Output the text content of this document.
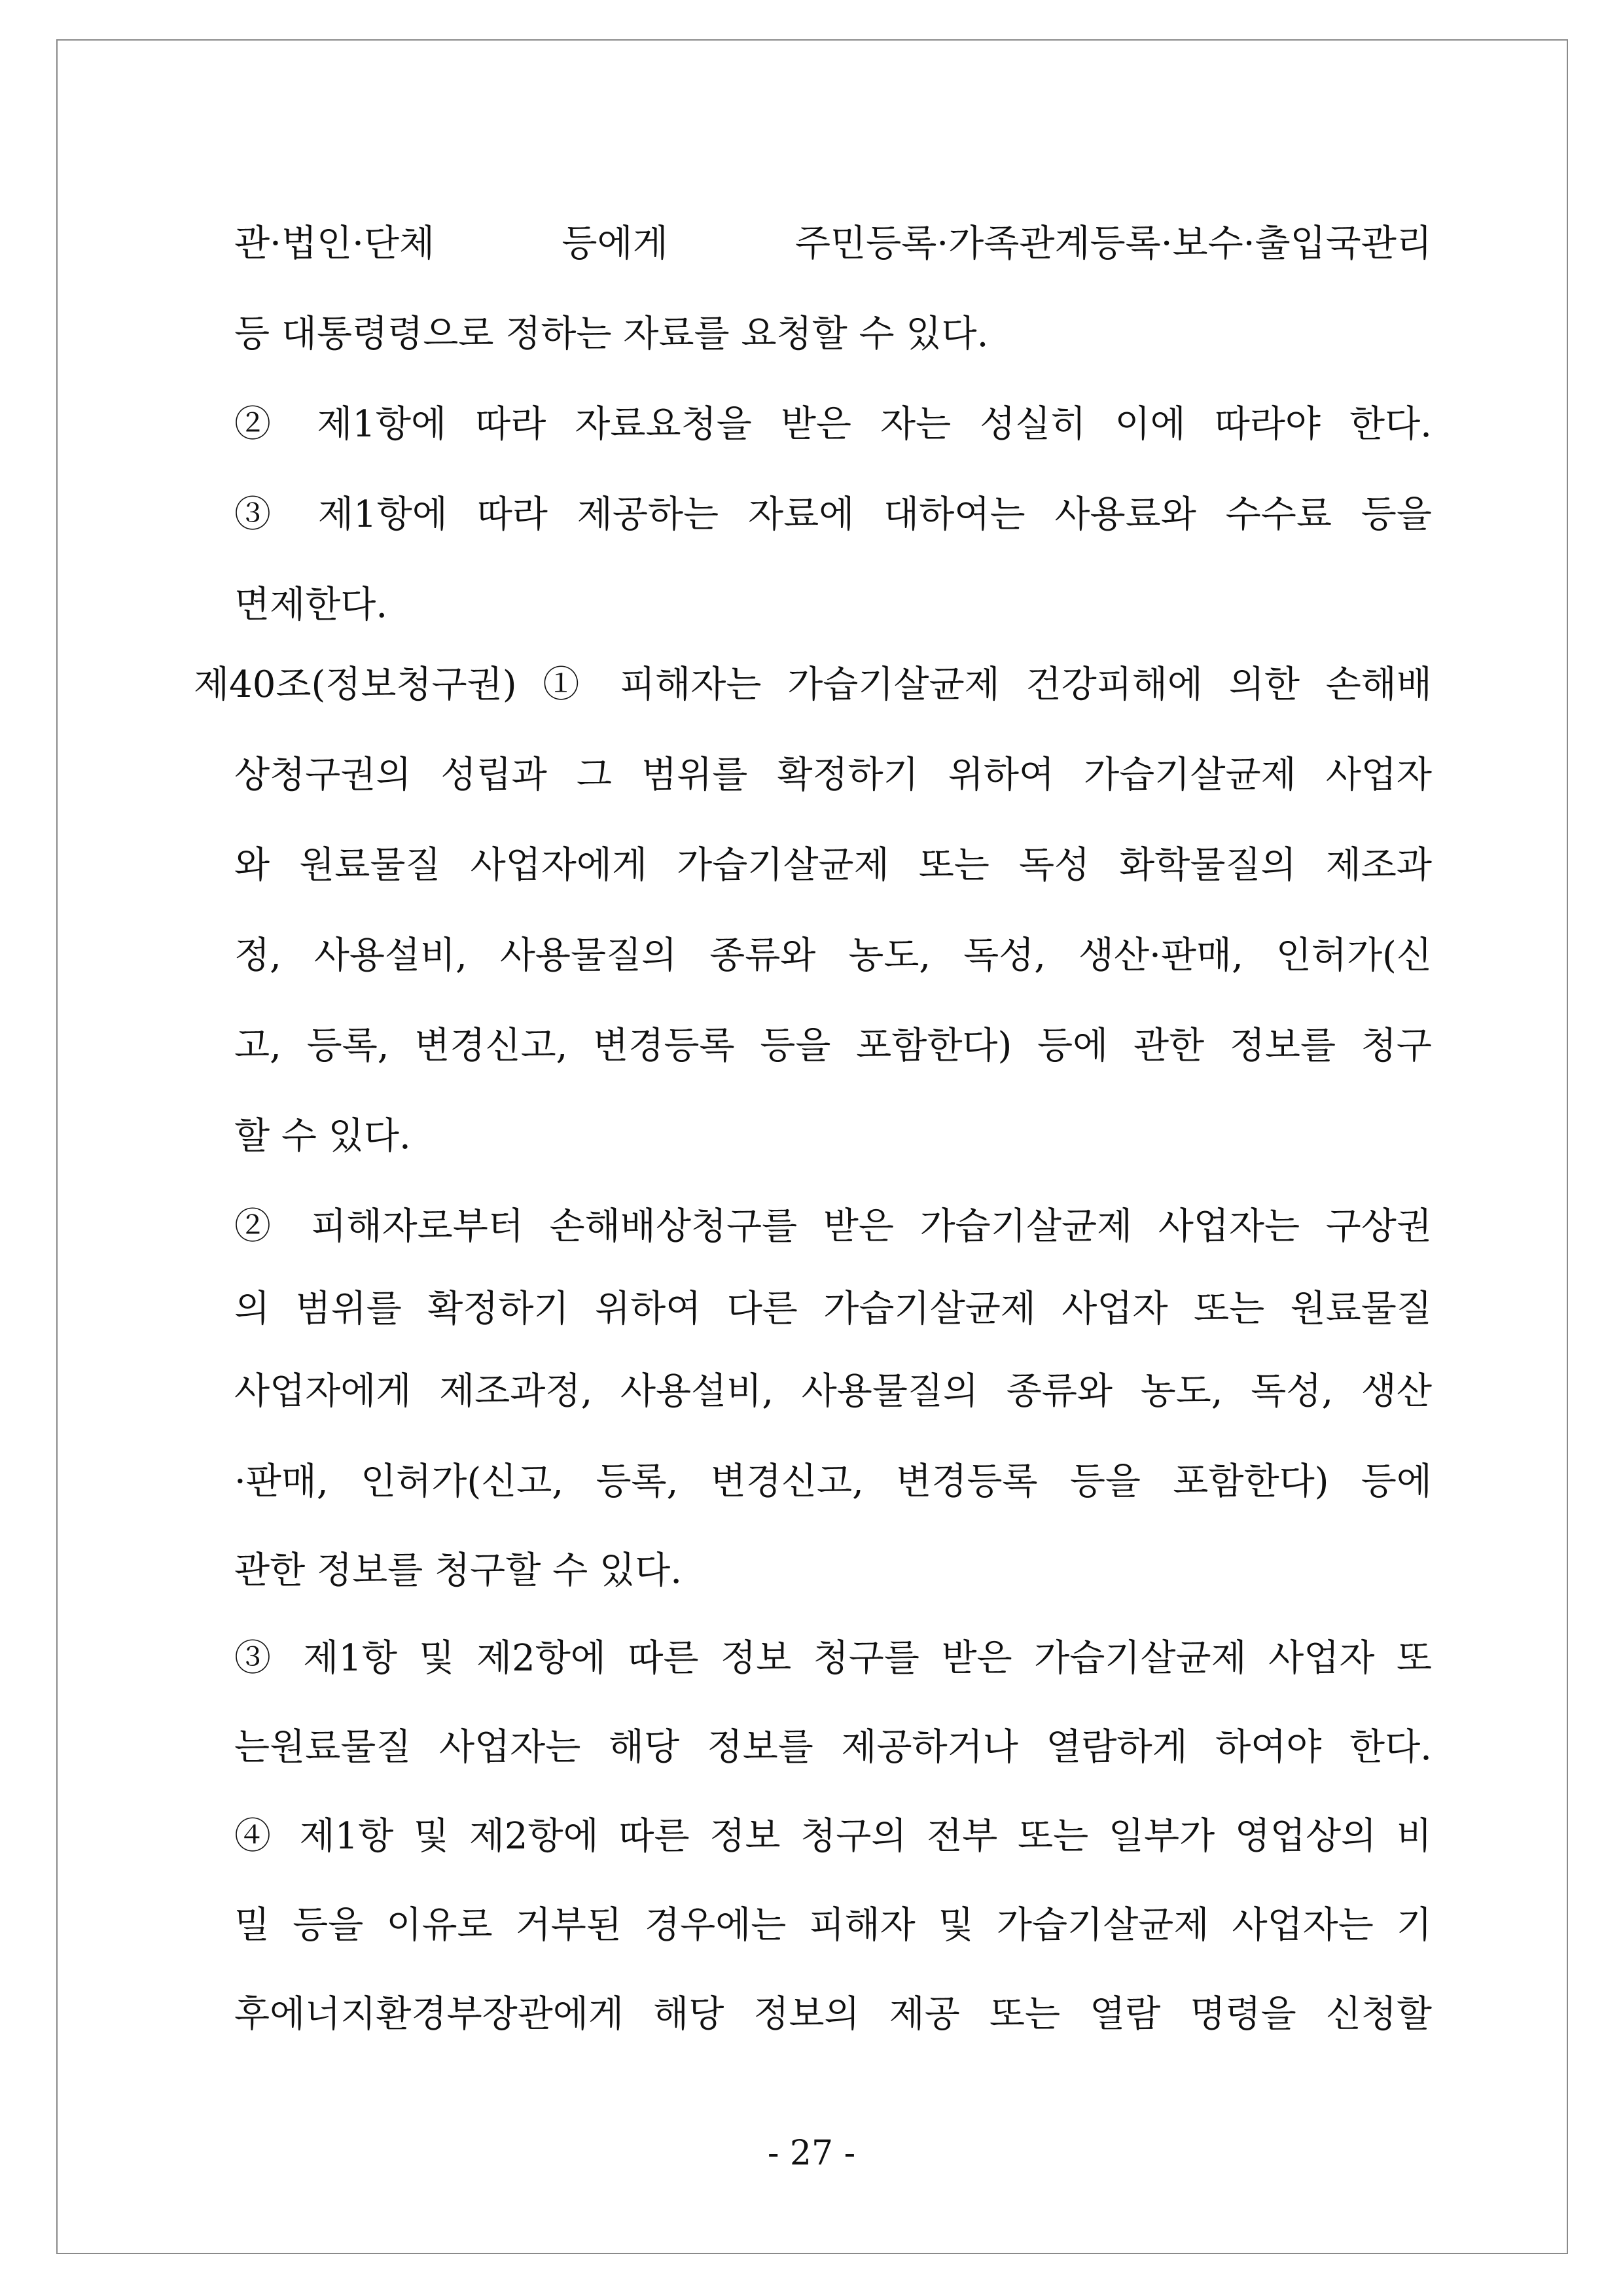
관·법인·단체 등에게 주민등록·가족관계등록·보수·출입국관리
등 대통령령으로 정하는 자료를 요청할 수 있다.
② 제1항에 따라 자료요청을 받은 자는 성실히 이에 따라야 한다.
③ 제1항에 따라 제공하는 자료에 대하여는 사용료와 수수료 등을
면제한다.
제40조(정보청구권) ① 피해자는 가습기살균제 건강피해에 의한 손해배
상청구권의 성립과 그 범위를 확정하기 위하여 가습기살균제 사업자
와 원료물질 사업자에게 가습기살균제 또는 독성 화학물질의 제조과
정, 사용설비, 사용물질의 종류와 농도, 독성, 생산·판매, 인허가(신
고, 등록, 변경신고, 변경등록 등을 포함한다) 등에 관한 정보를 청구
할 수 있다.
② 피해자로부터 손해배상청구를 받은 가습기살균제 사업자는 구상권
의 범위를 확정하기 위하여 다른 가습기살균제 사업자 또는 원료물질
사업자에게 제조과정, 사용설비, 사용물질의 종류와 농도, 독성, 생산
·판매, 인허가(신고, 등록, 변경신고, 변경등록 등을 포함한다) 등에
관한 정보를 청구할 수 있다.
③ 제1항 및 제2항에 따른 정보 청구를 받은 가습기살균제 사업자 또
는원료물질 사업자는 해당 정보를 제공하거나 열람하게 하여야 한다.
④ 제1항 및 제2항에 따른 정보 청구의 전부 또는 일부가 영업상의 비
밀 등을 이유로 거부된 경우에는 피해자 및 가습기살균제 사업자는 기
후에너지환경부장관에게 해당 정보의 제공 또는 열람 명령을 신청할
- 27 -
